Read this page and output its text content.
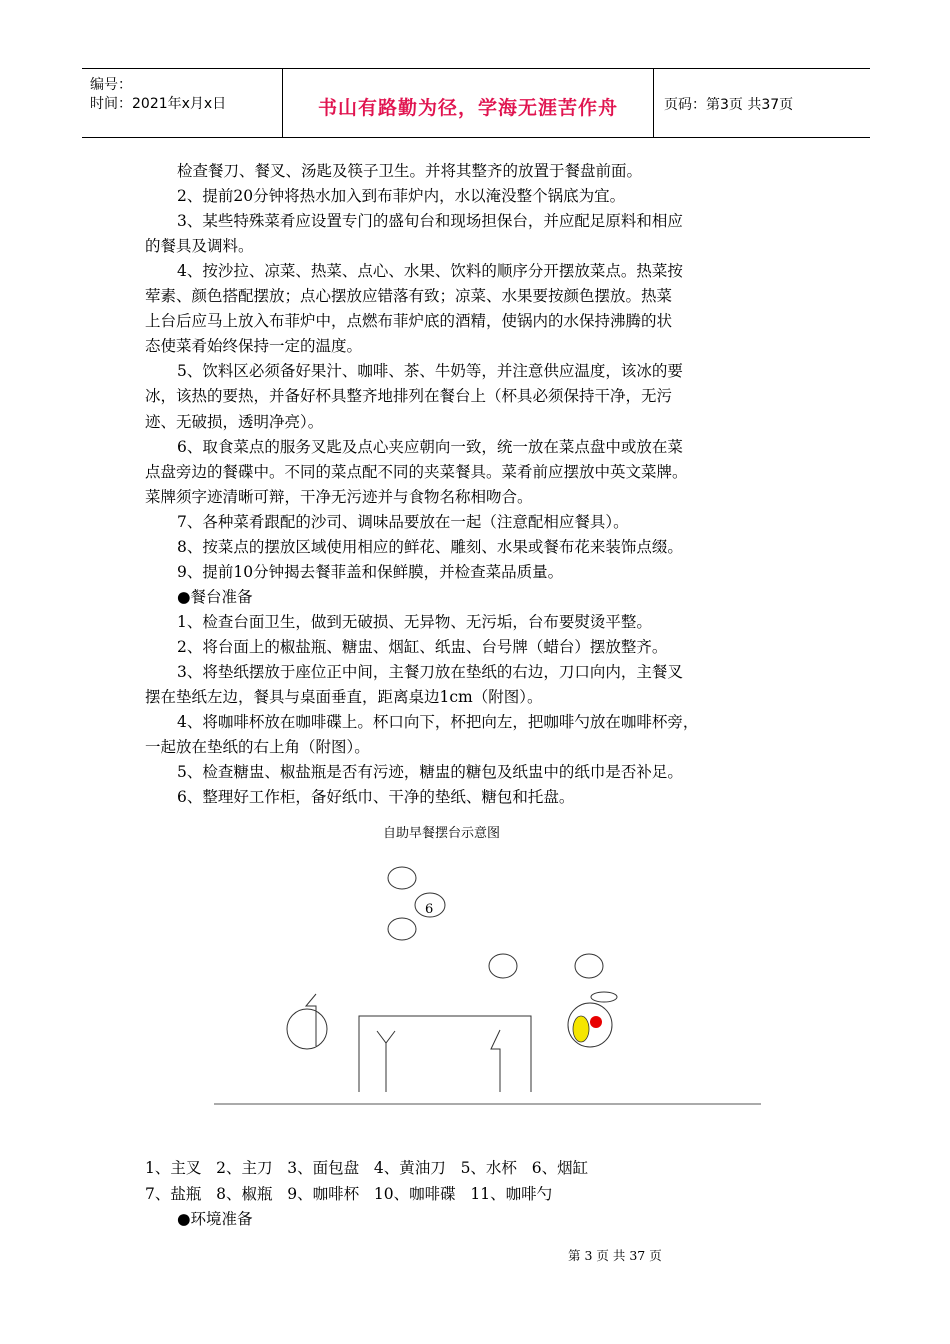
编号：
时间：2021年x月x日	书山有路勤为径，学海无涯苦作舟	页码：第3页 共37页
检查餐刀、餐叉、汤匙及筷子卫生。并将其整齐的放置于餐盘前面。
2、提前20分钟将热水加入到布菲炉内，水以淹没整个锅底为宜。
3、某些特殊菜肴应设置专门的盛旬台和现场担保台，并应配足原料和相应
的餐具及调料。
4、按沙拉、凉菜、热菜、点心、水果、饮料的顺序分开摆放菜点。热菜按
荤素、颜色搭配摆放；点心摆放应错落有致；凉菜、水果要按颜色摆放。热菜
上台后应马上放入布菲炉中，点燃布菲炉底的酒精，使锅内的水保持沸腾的状
态使菜肴始终保持一定的温度。
5、饮料区必须备好果汁、咖啡、茶、牛奶等，并注意供应温度，该冰的要
冰，该热的要热，并备好杯具整齐地排列在餐台上（杯具必须保持干净，无污
迹、无破损，透明净亮）。
6、取食菜点的服务叉匙及点心夹应朝向一致，统一放在菜点盘中或放在菜
点盘旁边的餐碟中。不同的菜点配不同的夹菜餐具。菜肴前应摆放中英文菜牌。
菜牌须字迹清晰可辩，干净无污迹并与食物名称相吻合。
7、各种菜肴跟配的沙司、调味品要放在一起（注意配相应餐具）。
8、按菜点的摆放区域使用相应的鲜花、雕刻、水果或餐布花来装饰点缀。
9、提前10分钟揭去餐菲盖和保鲜膜，并检查菜品质量。
●餐台准备
1、检查台面卫生，做到无破损、无异物、无污垢，台布要熨烫平整。
2、将台面上的椒盐瓶、糖盅、烟缸、纸盅、台号牌（蜡台）摆放整齐。
3、将垫纸摆放于座位正中间，主餐刀放在垫纸的右边，刀口向内，主餐叉
摆在垫纸左边，餐具与桌面垂直，距离桌边1cm（附图）。
4、将咖啡杯放在咖啡碟上。杯口向下，杯把向左，把咖啡勺放在咖啡杯旁，
一起放在垫纸的右上角（附图）。
5、检查糖盅、椒盐瓶是否有污迹，糖盅的糖包及纸盅中的纸巾是否补足。
6、整理好工作柜，备好纸巾、干净的垫纸、糖包和托盘。
自助早餐摆台示意图
6
1、主叉   2、主刀   3、面包盘   4、黄油刀   5、水杯   6、烟缸
7、盐瓶   8、椒瓶   9、咖啡杯   10、咖啡碟   11、咖啡勺
●环境准备
第 3 页 共 37 页
